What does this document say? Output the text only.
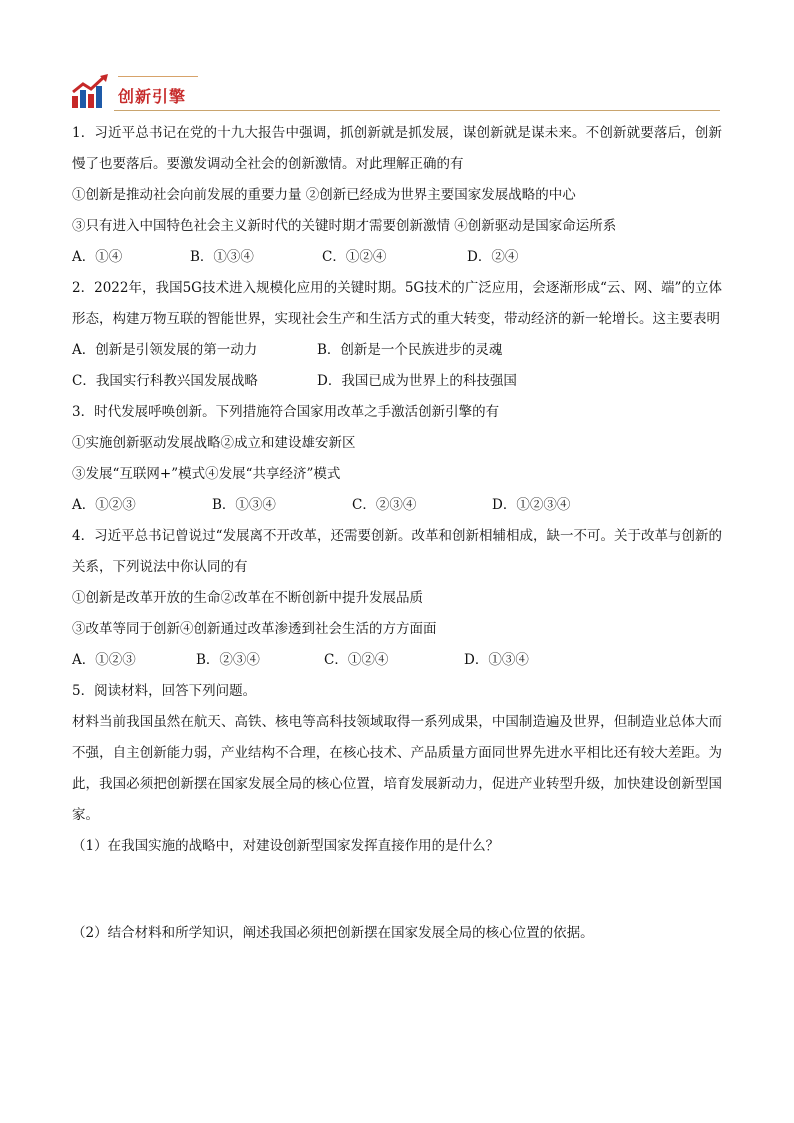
创新引擎

1．习近平总书记在党的十九大报告中强调，抓创新就是抓发展，谋创新就是谋未来。不创新就要落后，创新慢了也要落后。要激发调动全社会的创新激情。对此理解正确的有

①创新是推动社会向前发展的重要力量 ②创新已经成为世界主要国家发展战略的中心

③只有进入中国特色社会主义新时代的关键时期才需要创新激情 ④创新驱动是国家命运所系

A．①④	B．①③④	C．①②④	D．②④

2．2022年，我国5G技术进入规模化应用的关键时期。5G技术的广泛应用，会逐渐形成“云、网、端”的立体形态，构建万物互联的智能世界，实现社会生产和生活方式的重大转变，带动经济的新一轮增长。这主要表明

A．创新是引领发展的第一动力	B．创新是一个民族进步的灵魂
C．我国实行科教兴国发展战略	D．我国已成为世界上的科技强国

3．时代发展呼唤创新。下列措施符合国家用改革之手激活创新引擎的有

①实施创新驱动发展战略②成立和建设雄安新区

③发展“互联网+”模式④发展“共享经济”模式

A．①②③	B．①③④	C．②③④	D．①②③④

4．习近平总书记曾说过“发展离不开改革，还需要创新。改革和创新相辅相成，缺一不可。关于改革与创新的关系，下列说法中你认同的有

①创新是改革开放的生命②改革在不断创新中提升发展品质

③改革等同于创新④创新通过改革渗透到社会生活的方方面面

A．①②③	B．②③④	C．①②④	D．①③④

5．阅读材料，回答下列问题。

材料当前我国虽然在航天、高铁、核电等高科技领域取得一系列成果，中国制造遍及世界，但制造业总体大而不强，自主创新能力弱，产业结构不合理，在核心技术、产品质量方面同世界先进水平相比还有较大差距。为此，我国必须把创新摆在国家发展全局的核心位置，培育发展新动力，促进产业转型升级，加快建设创新型国家。

（1）在我国实施的战略中，对建设创新型国家发挥直接作用的是什么？

（2）结合材料和所学知识，阐述我国必须把创新摆在国家发展全局的核心位置的依据。
